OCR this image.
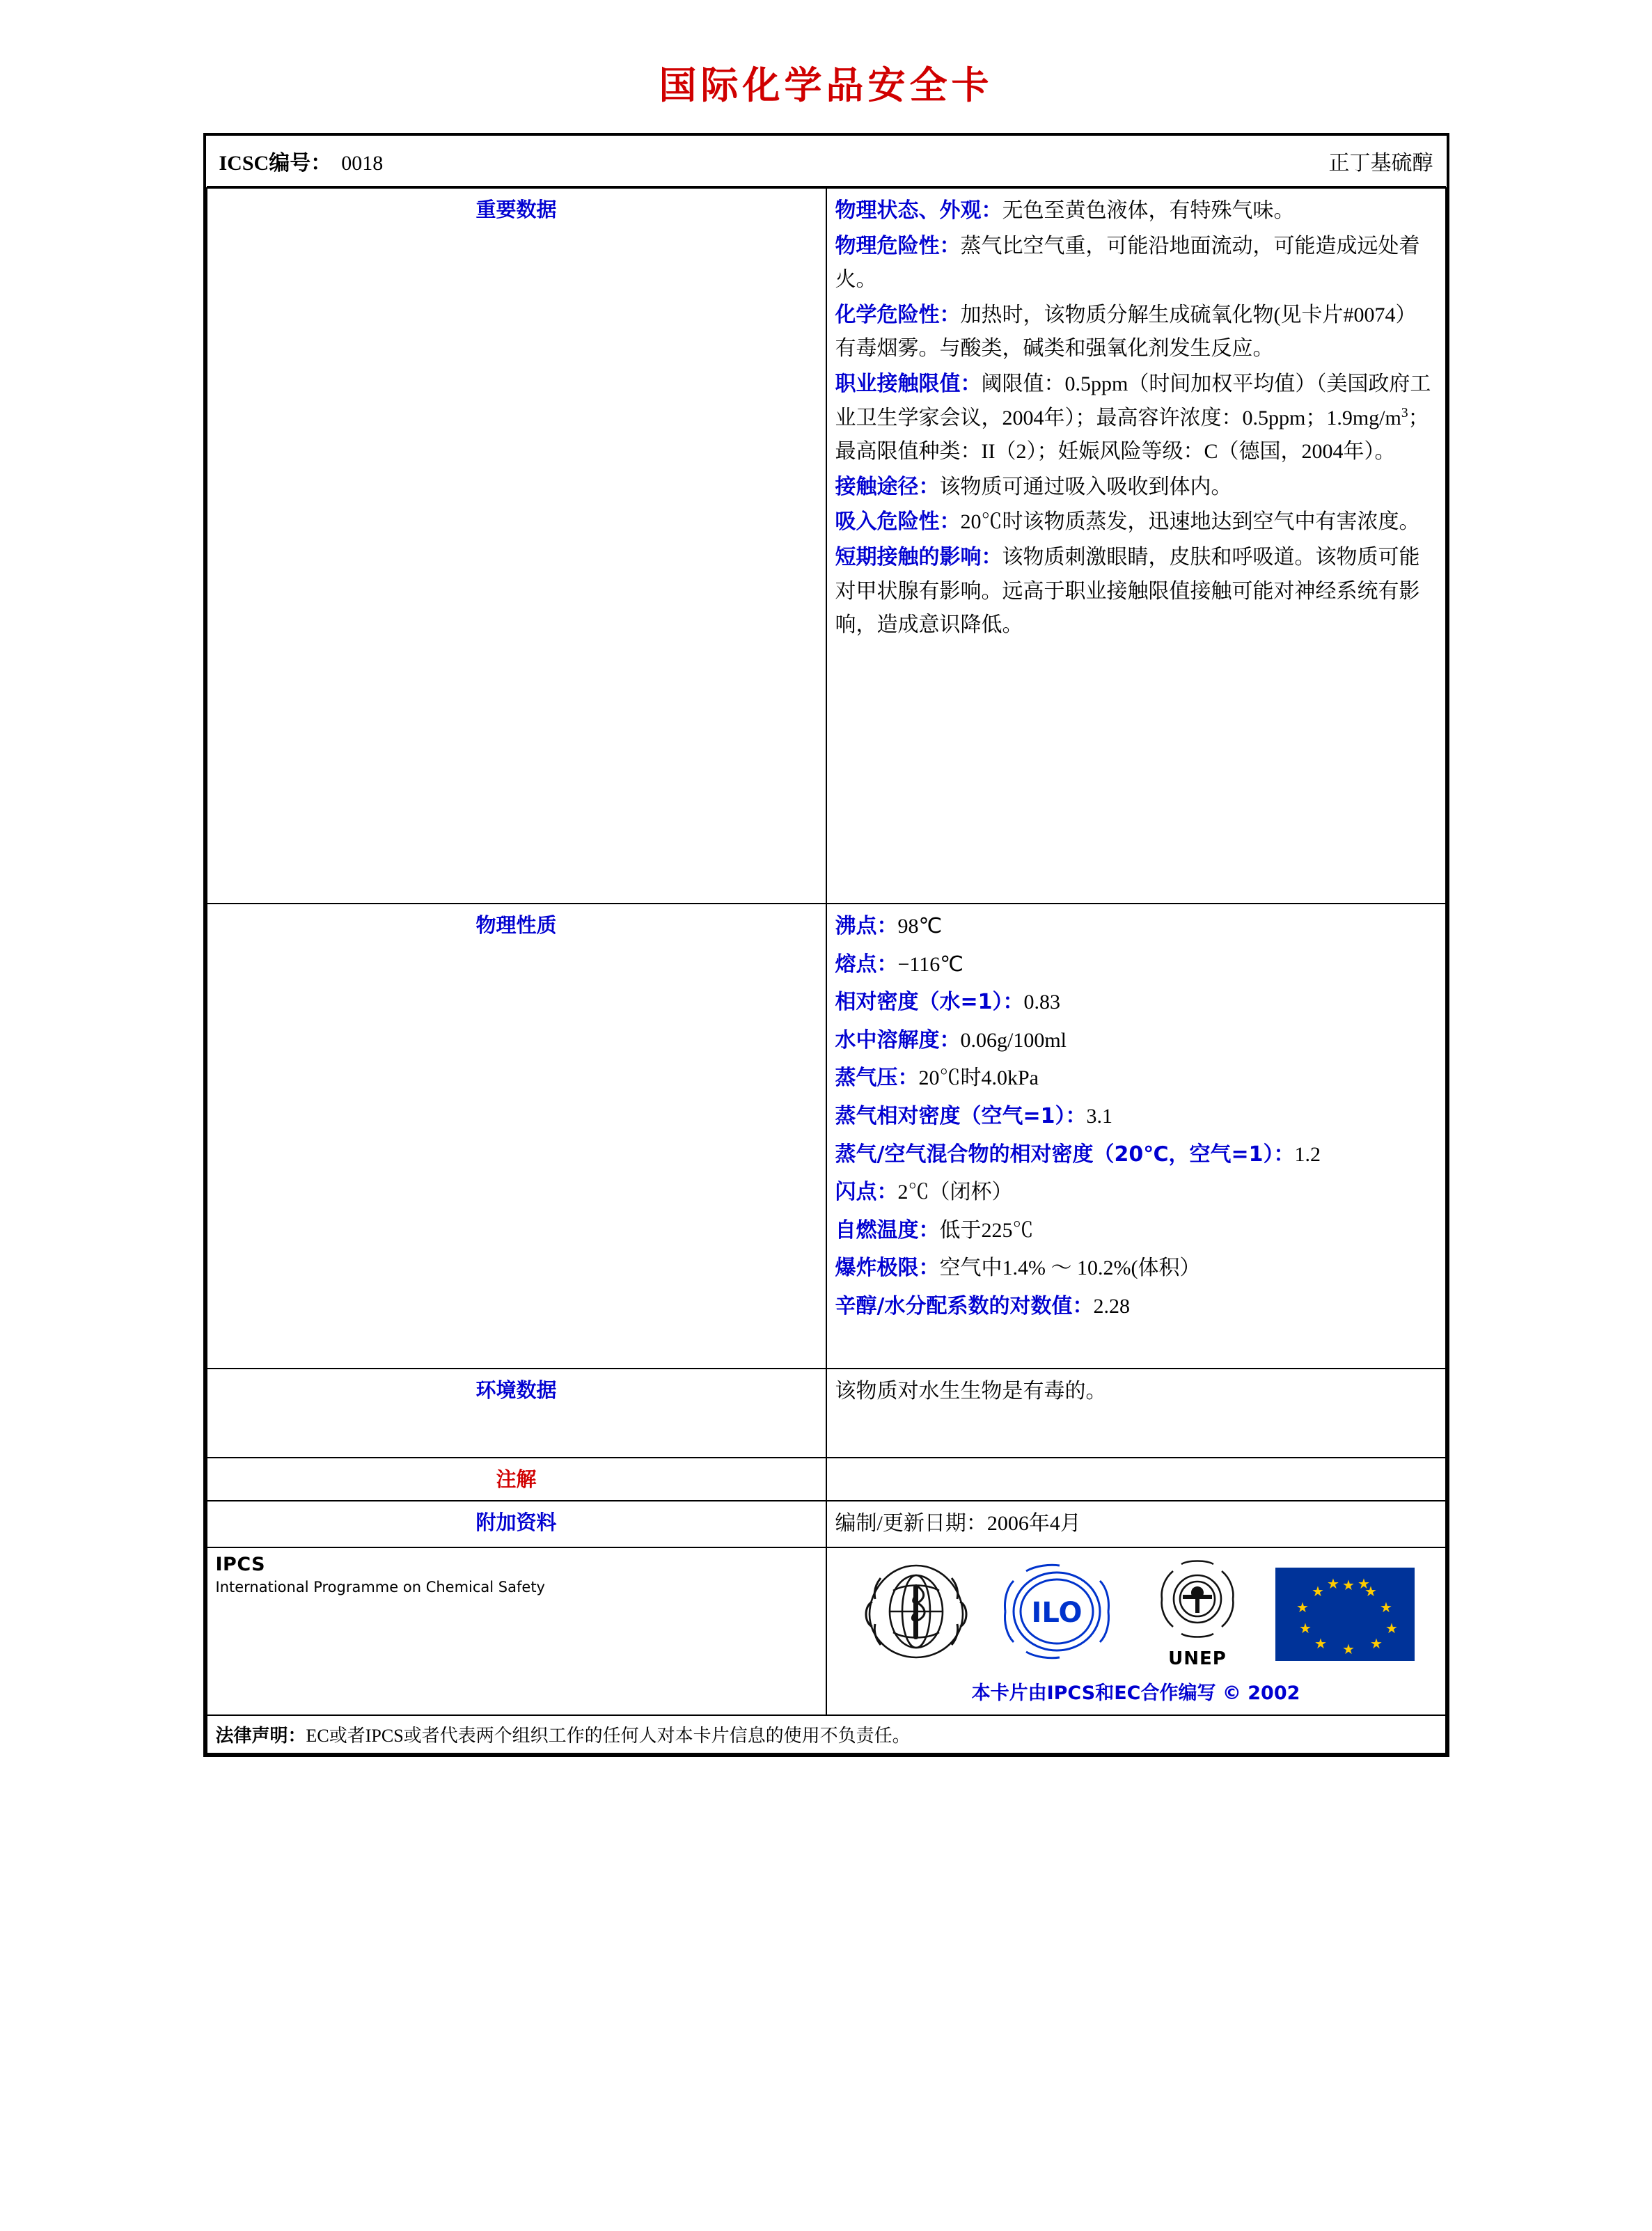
国际化学品安全卡
ICSC编号： 0018	正丁基硫醇

重要数据	物理状态、外观：无色至黄色液体，有特殊气味。

物理危险性：蒸气比空气重，可能沿地面流动，可能造成远处着火。

化学危险性：加热时，该物质分解生成硫氧化物(见卡片#0074）有毒烟雾。与酸类，碱类和强氧化剂发生反应。

职业接触限值：阈限值：0.5ppm（时间加权平均值）（美国政府工业卫生学家会议，2004年）；最高容许浓度：0.5ppm；$1.9mg/m^3$；最高限值种类：II（2）；妊娠风险等级：C（德国，2004年）。

接触途径：该物质可通过吸入吸收到体内。

吸入危险性：20℃时该物质蒸发，迅速地达到空气中有害浓度。

短期接触的影响：该物质刺激眼睛，皮肤和呼吸道。该物质可能对甲状腺有影响。远高于职业接触限值接触可能对神经系统有影响，造成意识降低。

物理性质	沸点：98℃

熔点：−116℃

相对密度（水=1）：0.83

水中溶解度：0.06g/100ml

蒸气压：20℃时4.0kPa

蒸气相对密度（空气=1）：3.1

蒸气/空气混合物的相对密度（20℃，空气=1）：1.2

闪点：2℃（闭杯）

自燃温度：低于225℃

爆炸极限：空气中1.4% ～ 10.2%(体积）

辛醇/水分配系数的对数值：2.28

环境数据	该物质对水生生物是有毒的。
注解	
附加资料	编制/更新日期：2006年4月

IPCS
International Programme on Chemical Safety

ILO
UNEP
★ ★
★
★
★
★
★
★
★
★ ★ ★
本卡片由IPCS和EC合作编写 © 2002

法律声明：EC或者IPCS或者代表两个组织工作的任何人对本卡片信息的使用不负责任。
